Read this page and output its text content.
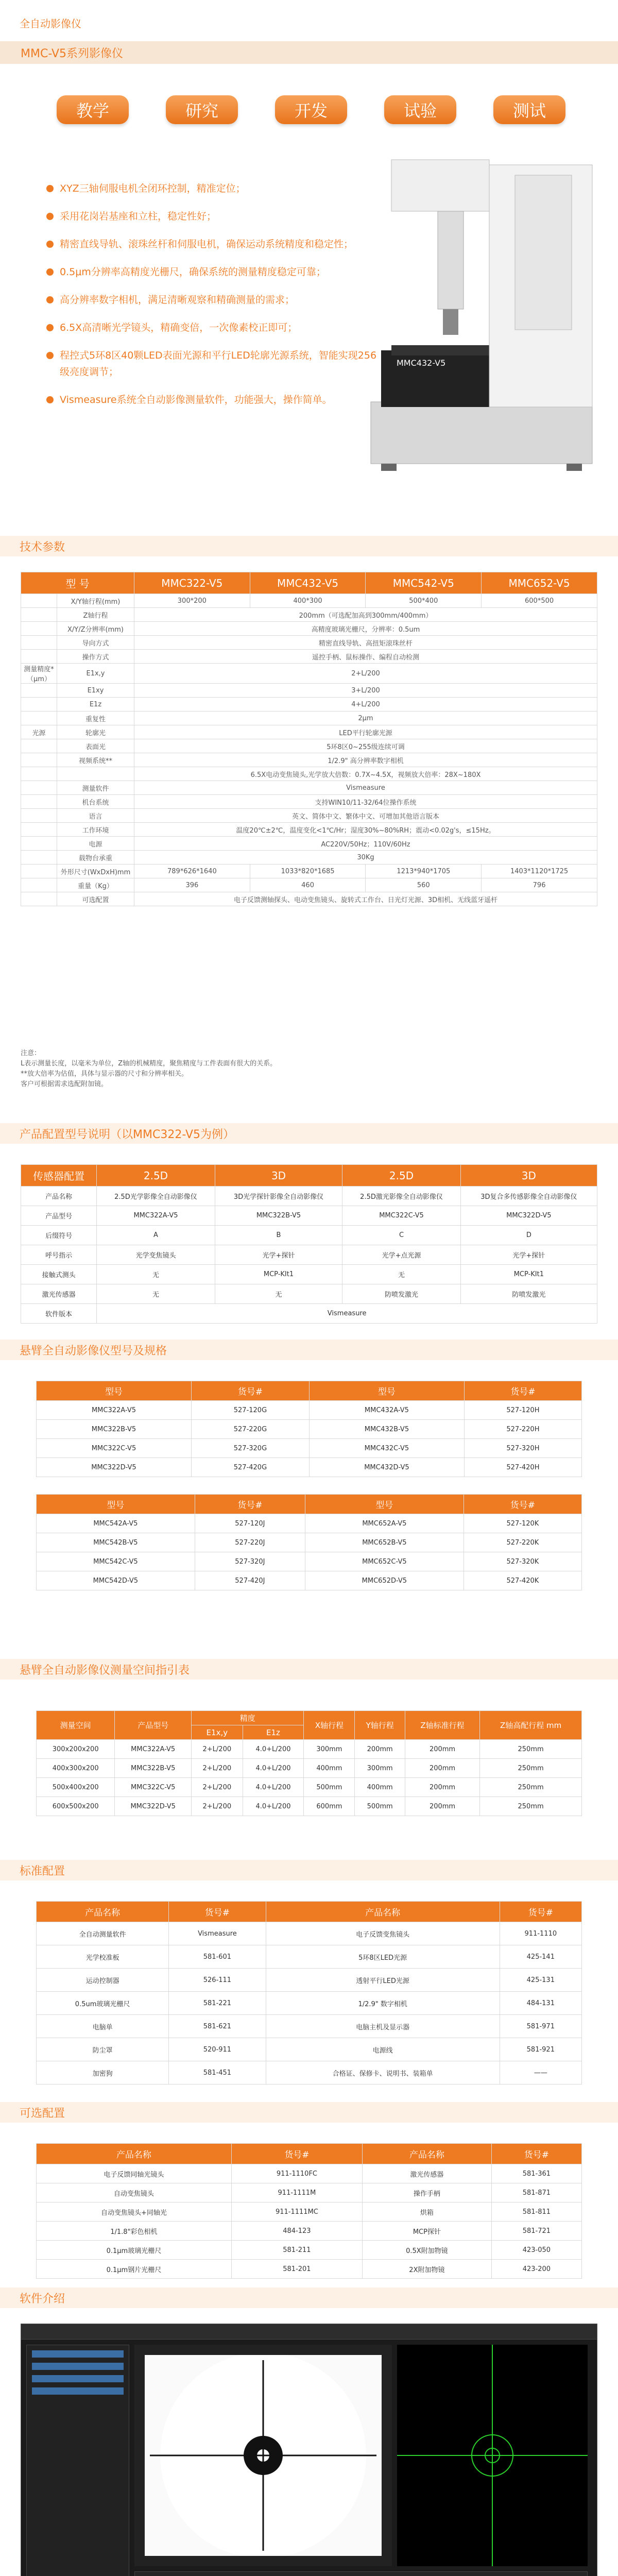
全自动影像仪
MMC-V5系列影像仪
教学	研究	开发	试验	测试
XYZ三轴伺服电机全闭环控制，精准定位；
采用花岗岩基座和立柱，稳定性好；
精密直线导轨、滚珠丝杆和伺服电机，确保运动系统精度和稳定性；
0.5μm分辨率高精度光栅尺，确保系统的测量精度稳定可靠；
高分辨率数字相机，满足清晰观察和精确测量的需求；
6.5X高清晰光学镜头，精确变倍，一次像素校正即可；
程控式5环8区40颗LED表面光源和平行LED轮廓光源系统，智能实现256级亮度调节；
Vismeasure系统全自动影像测量软件，功能强大，操作简单。
MMC432-V5
技术参数
型 号		MMC322-V5	MMC432-V5	MMC542-V5	MMC652-V5
	X/Y轴行程(mm)	300*200	400*300	500*400	600*500
	Z轴行程	200mm（可选配加高到300mm/400mm）			
	X/Y/Z分辨率(mm)	高精度玻璃光栅尺，分辨率：0.5um			
	导向方式	精密直线导轨、高扭矩滚珠丝杆			
	操作方式	遥控手柄、鼠标操作、编程自动检测			
测量精度*（μm）	E1x,y	2+L/200			
	E1xy	3+L/200			
	E1z	4+L/200			
	重复性	2μm			
光源	轮廓光	LED平行轮廓光源			
	表面光	5环8区0~255级连续可调			
	视频系统**	1/2.9" 高分辨率数字相机			
		6.5X电动变焦镜头,光学放大倍数：0.7X~4.5X，视频放大倍率：28X~180X			
	测量软件	Vismeasure			
	机台系统	支持WIN10/11-32/64位操作系统			
	语言	英文、简体中文、繁体中文、可增加其他语言版本			
	工作环境	温度20℃±2℃，温度变化<1℃/Hr；湿度30%~80%RH；震动<0.02g's，≤15Hz。			
	电源	AC220V/50Hz；110V/60Hz			
	载物台承重	30Kg			
	外形尺寸(WxDxH)mm	789*626*1640	1033*820*1685	1213*940*1705	1403*1120*1725
	重量（Kg）	396	460	560	796
	可选配置	电子反馈测轴探头、电动变焦镜头、旋转式工作台、日光灯光源、3D相机、无线蓝牙遥杆			
注意：
L表示测量长度，以毫米为单位，Z轴的机械精度，聚焦精度与工件表面有很大的关系。
**放大倍率为估值，具体与显示器的尺寸和分辨率相关。
客户可根据需求选配附加镜。
产品配置型号说明（以MMC322-V5为例）
传感器配置	2.5D	3D	2.5D	3D
产品名称	2.5D光学影像全自动影像仪	3D光学探针影像全自动影像仪	2.5D激光影像全自动影像仪	3D复合多传感影像全自动影像仪
产品型号	MMC322A-V5	MMC322B-V5	MMC322C-V5	MMC322D-V5
后缀符号	A	B	C	D
呼号指示	光学变焦镜头	光学+探针	光学+点光源	光学+探针
接触式测头	无	MCP-KIt1	无	MCP-KIt1
激光传感器	无	无	防喷发激光	防喷发激光
软件版本	Vismeasure			
悬臂全自动影像仪型号及规格
型号	货号#	型号	货号#
MMC322A-V5	527-120G	MMC432A-V5	527-120H
MMC322B-V5	527-220G	MMC432B-V5	527-220H
MMC322C-V5	527-320G	MMC432C-V5	527-320H
MMC322D-V5	527-420G	MMC432D-V5	527-420H
型号	货号#	型号	货号#
MMC542A-V5	527-120J	MMC652A-V5	527-120K
MMC542B-V5	527-220J	MMC652B-V5	527-220K
MMC542C-V5	527-320J	MMC652C-V5	527-320K
MMC542D-V5	527-420J	MMC652D-V5	527-420K
悬臂全自动影像仪测量空间指引表
测量空间	产品型号	精度		X轴行程	Y轴行程	Z轴标准行程	Z轴高配行程 mm
		E1x,y	E1z				
300x200x200	MMC322A-V5	2+L/200	4.0+L/200	300mm	200mm	200mm	250mm
400x300x200	MMC322B-V5	2+L/200	4.0+L/200	400mm	300mm	200mm	250mm
500x400x200	MMC322C-V5	2+L/200	4.0+L/200	500mm	400mm	200mm	250mm
600x500x200	MMC322D-V5	2+L/200	4.0+L/200	600mm	500mm	200mm	250mm
标准配置
产品名称	货号#	产品名称	货号#
全自动测量软件	Vismeasure	电子反馈变焦镜头	911-1110
光学校准板	581-601	5环8区LED光源	425-141
运动控制器	526-111	透射平行LED光源	425-131
0.5um玻璃光栅尺	581-221	1/2.9" 数字相机	484-131
电脑单	581-621	电脑主机及显示器	581-971
防尘罩	520-911	电源线	581-921
加密狗	581-451	合格证、保修卡、说明书、装箱单	——
可选配置
产品名称	货号#	产品名称	货号#
电子反馈同轴光镜头	911-1110FC	激光传感器	581-361
自动变焦镜头	911-1111M	操作手柄	581-871
自动变焦镜头+同轴光	911-1111MC	烘箱	581-811
1/1.8"彩色相机	484-123	MCP探针	581-721
0.1μm玻璃光栅尺	581-211	0.5X附加物镜	423-050
0.1μm钢片光栅尺	581-201	2X附加物镜	423-200
软件介绍
